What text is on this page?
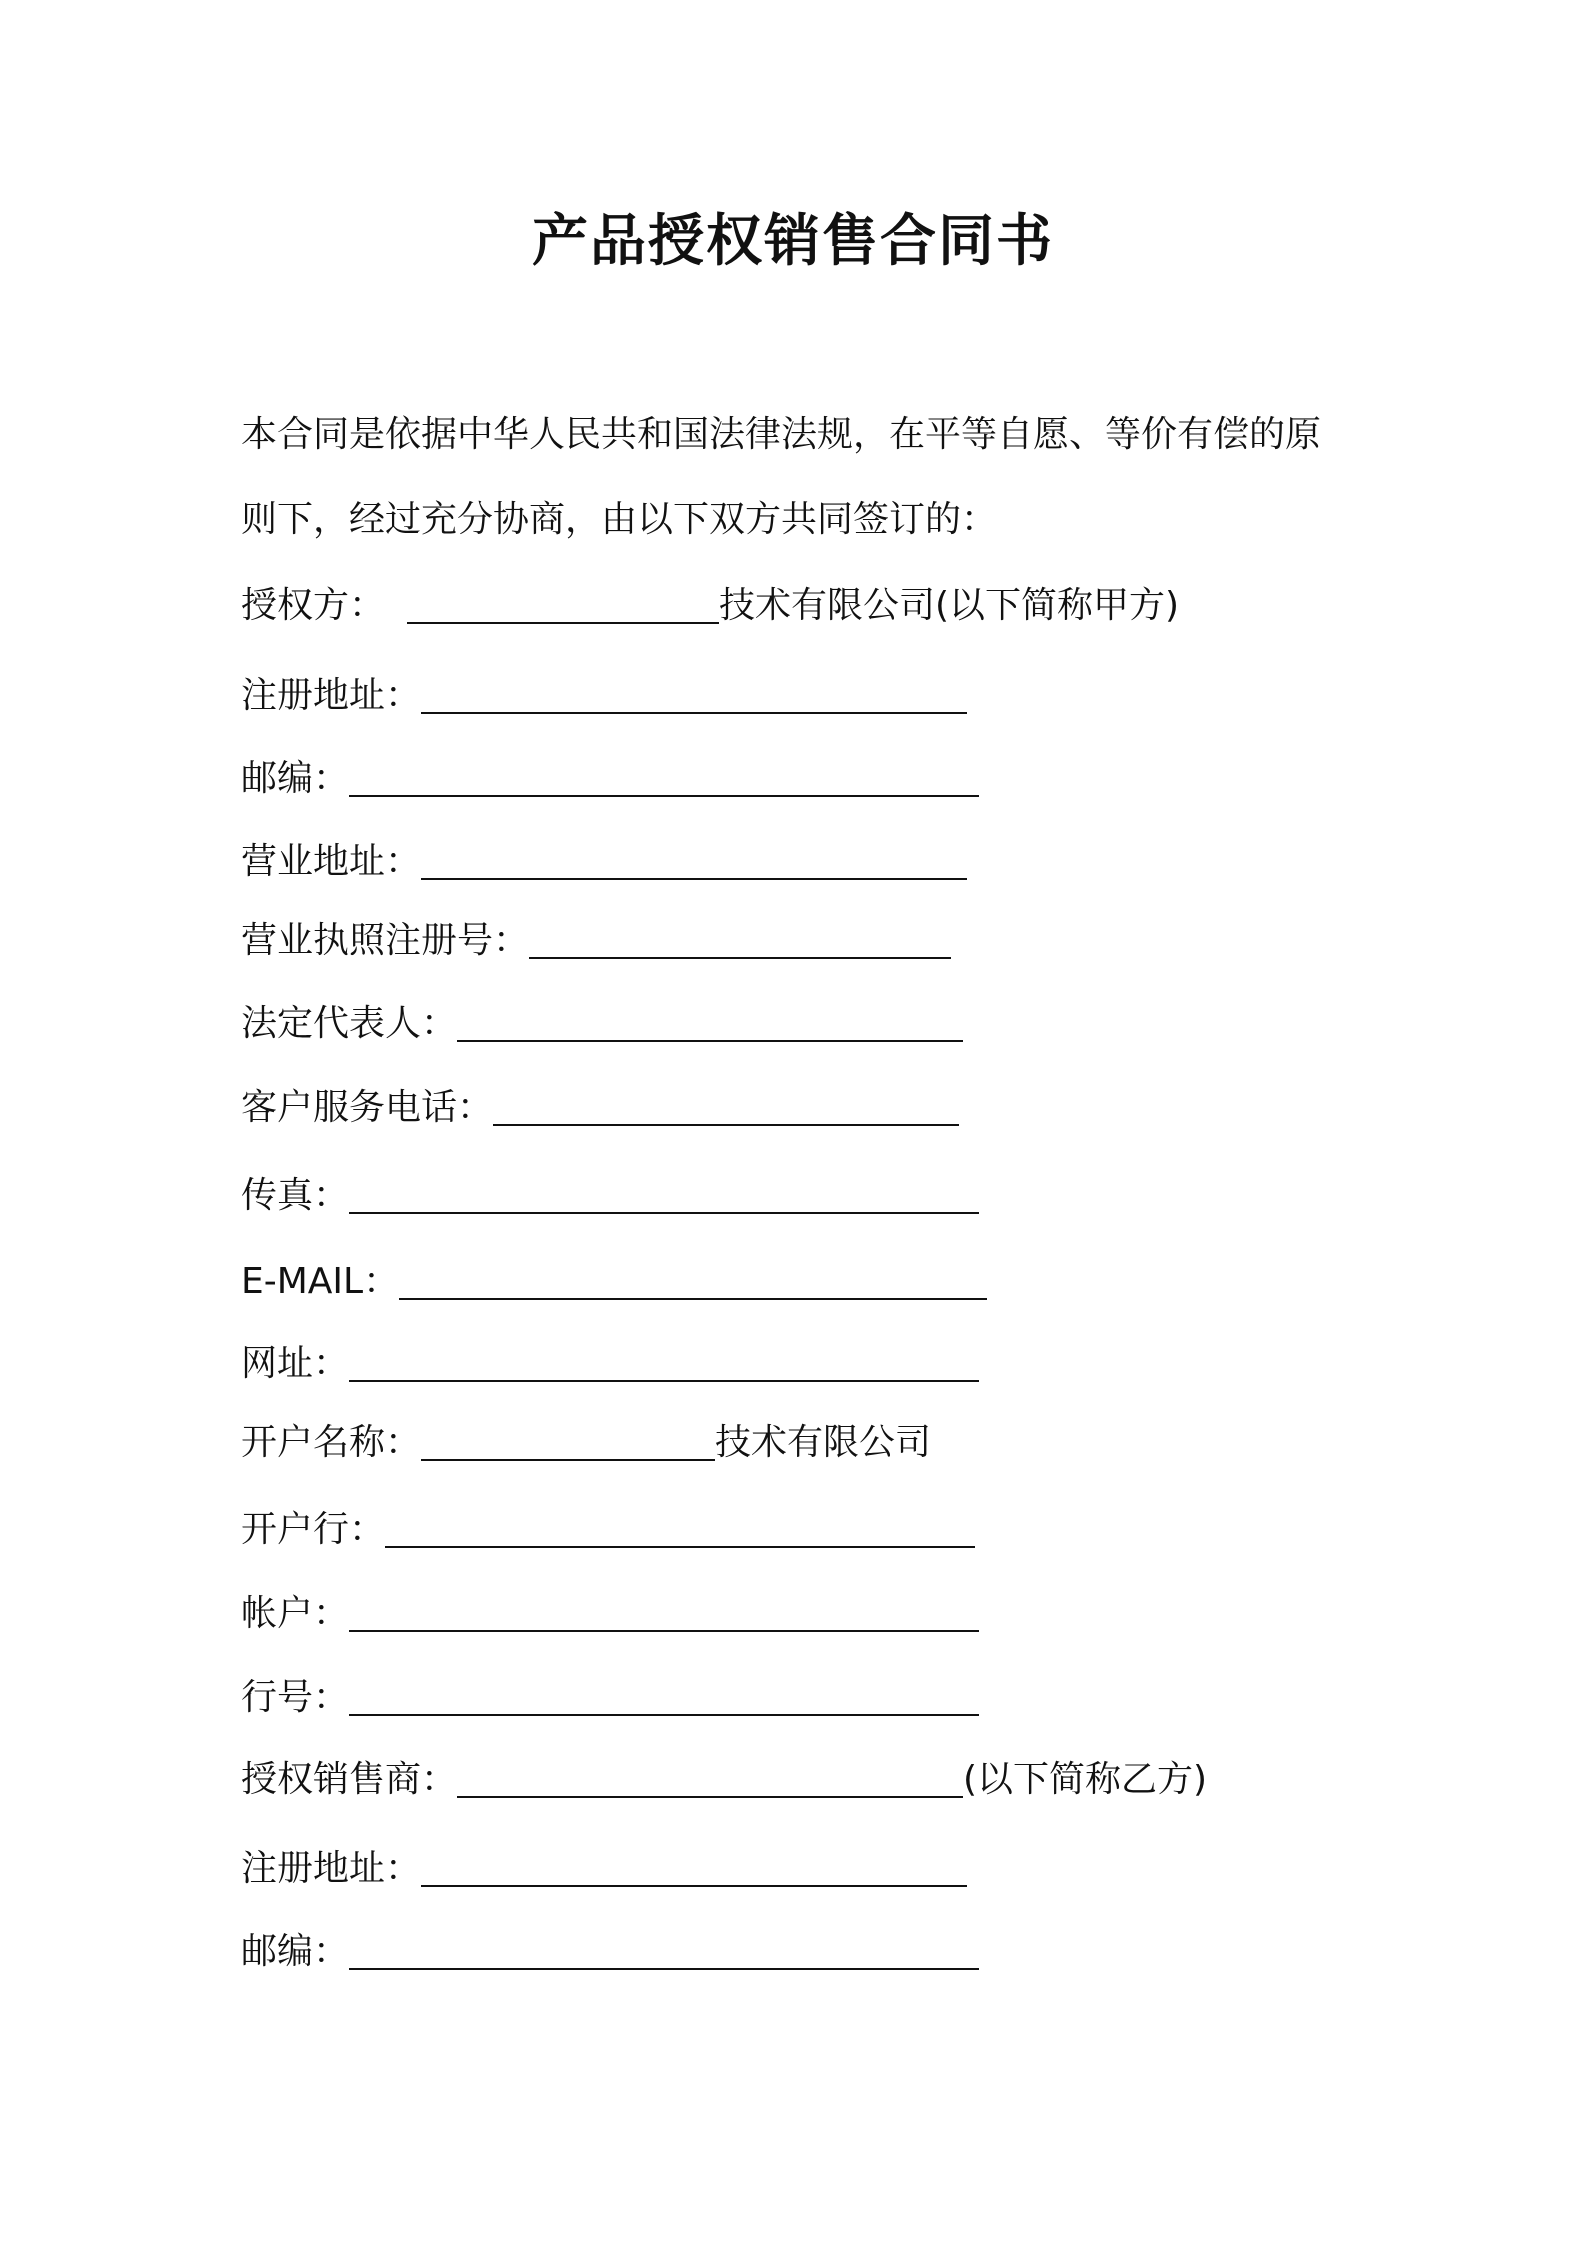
产品授权销售合同书

本合同是依据中华人民共和国法律法规，在平等自愿、等价有偿的原

则下，经过充分协商，由以下双方共同签订的：

授权方：	技术有限公司(以下简称甲方)
注册地址：
邮编：
营业地址：
营业执照注册号：
法定代表人：
客户服务电话：
传真：
E-MAIL：
网址：
开户名称：	技术有限公司
开户行：
帐户：
行号：
授权销售商：	(以下简称乙方)
注册地址：
邮编：
